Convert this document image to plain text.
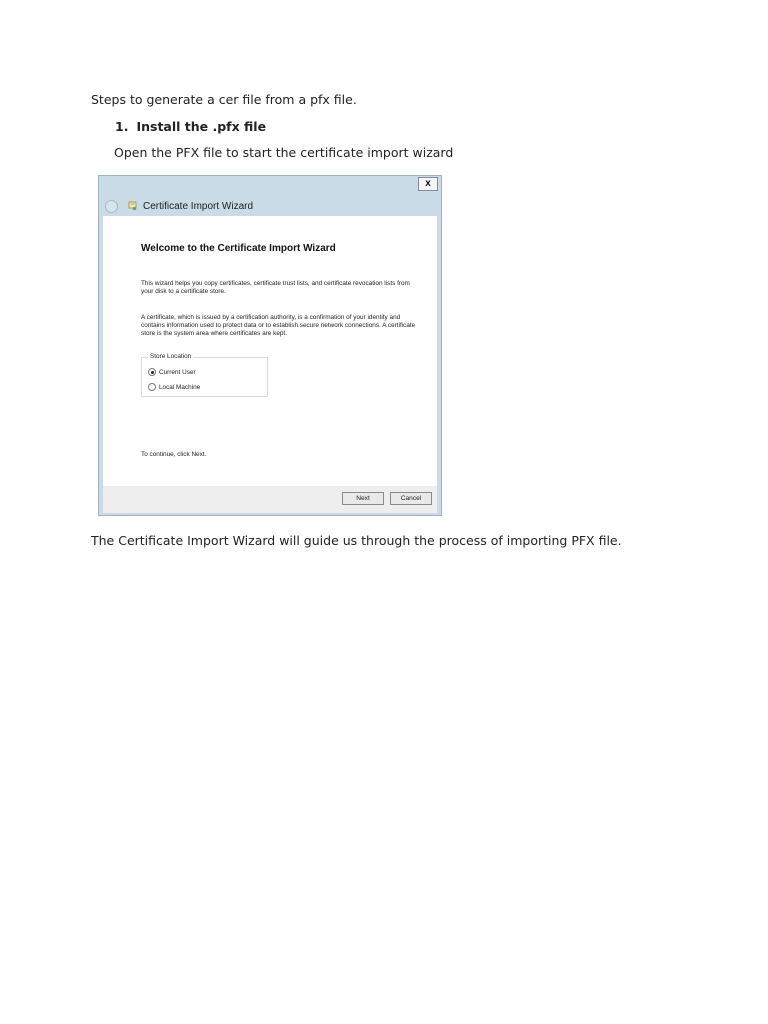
Steps to generate a cer file from a pfx file.

1. Install the .pfx file

Open the PFX file to start the certificate import wizard

x
Certificate Import Wizard

Welcome to the Certificate Import Wizard

This wizard helps you copy certificates, certificate trust lists, and certificate revocation lists from your disk to a certificate store.

A certificate, which is issued by a certification authority, is a confirmation of your identity and contains information used to protect data or to establish secure network connections. A certificate store is the system area where certificates are kept.

Store Location
Current User
Local Machine

To continue, click Next.

Next	Cancel

The Certificate Import Wizard will guide us through the process of importing PFX file.
